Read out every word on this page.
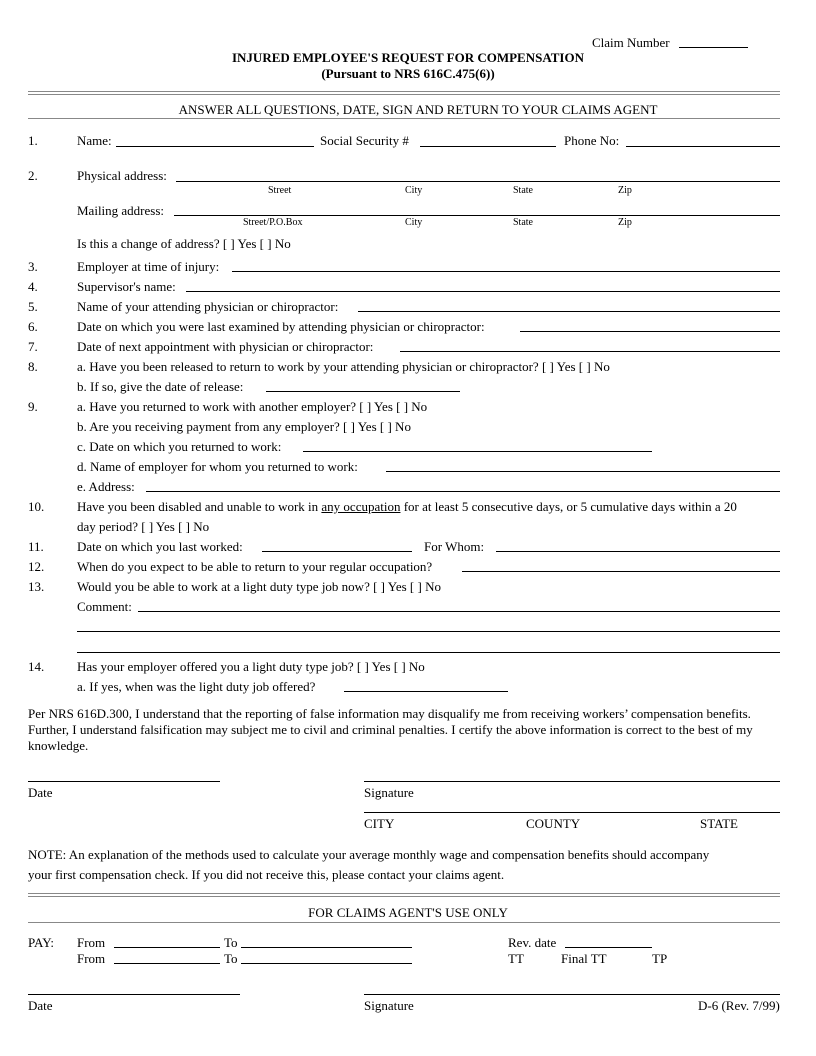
Claim Number
INJURED EMPLOYEE'S REQUEST FOR COMPENSATION
(Pursuant to NRS 616C.475(6))
ANSWER ALL QUESTIONS, DATE, SIGN AND RETURN TO YOUR CLAIMS AGENT
1.	Name:	Social Security #	Phone No:
2.	Physical address:
Street	City	State	Zip
Mailing address:
Street/P.O.Box	City	State	Zip
Is this a change of address? [ ] Yes [ ] No
3.	Employer at time of injury:
4.	Supervisor's name:
5.	Name of your attending physician or chiropractor:
6.	Date on which you were last examined by attending physician or chiropractor:
7.	Date of next appointment with physician or chiropractor:
8.	a. Have you been released to return to work by your attending physician or chiropractor? [ ] Yes [ ] No
b. If so, give the date of release:
9.	a. Have you returned to work with another employer? [ ] Yes [ ] No
b. Are you receiving payment from any employer? [ ] Yes [ ] No
c. Date on which you returned to work:
d. Name of employer for whom you returned to work:
e. Address:
10.	Have you been disabled and unable to work in any occupation for at least 5 consecutive days, or 5 cumulative days within a 20
day period? [ ] Yes [ ] No
11.	Date on which you last worked:	For Whom:
12.	When do you expect to be able to return to your regular occupation?
13.	Would you be able to work at a light duty type job now? [ ] Yes [ ] No
Comment:
14.	Has your employer offered you a light duty type job? [ ] Yes [ ] No
a. If yes, when was the light duty job offered?
Per NRS 616D.300, I understand that the reporting of false information may disqualify me from receiving workers’ compensation benefits. Further, I understand falsification may subject me to civil and criminal penalties. I certify the above information is correct to the best of my knowledge.
Date	Signature
CITY	COUNTY	STATE
NOTE: An explanation of the methods used to calculate your average monthly wage and compensation benefits should accompany
your first compensation check. If you did not receive this, please contact your claims agent.
FOR CLAIMS AGENT'S USE ONLY
PAY: From	To	Rev. date
From	To	TT	Final TT	TP
Date	Signature	D-6 (Rev. 7/99)
